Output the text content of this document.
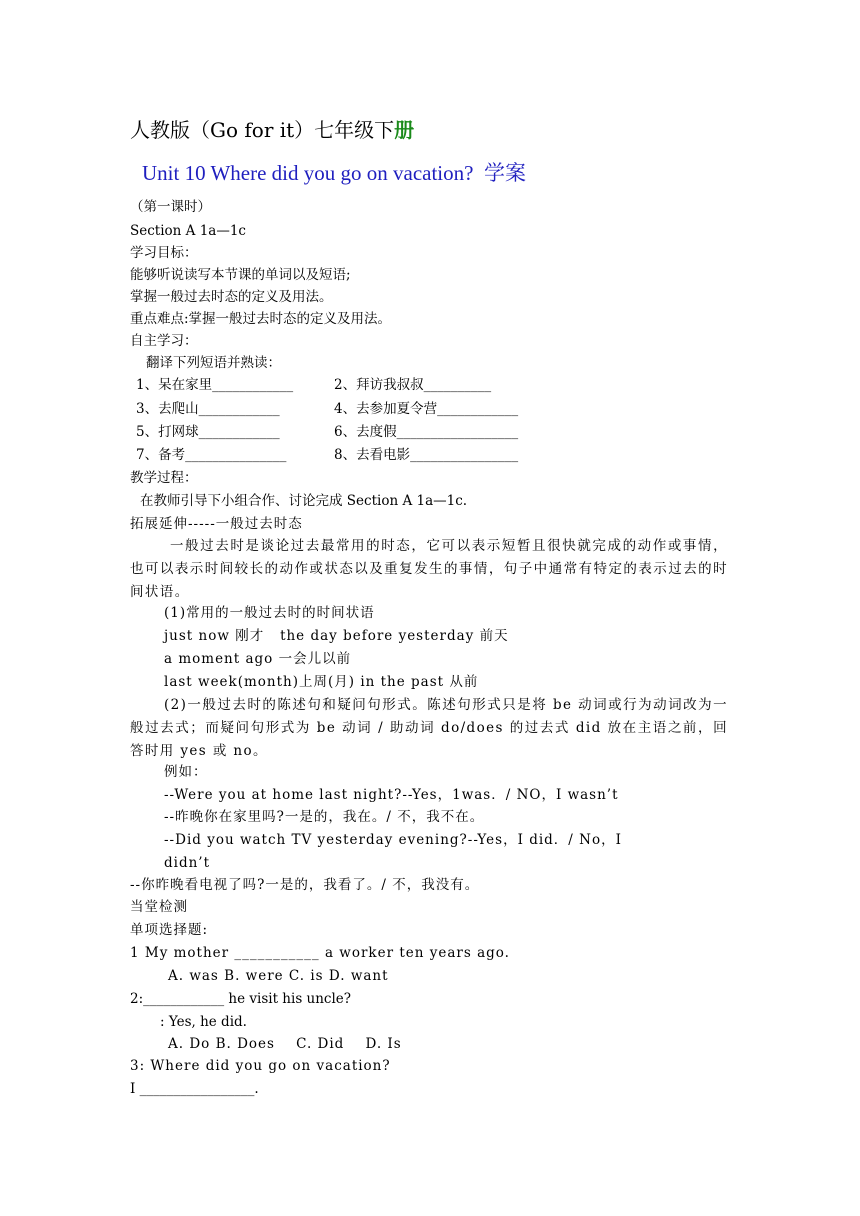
人教版（Go for it）七年级下册
Unit 10 Where did you go on vacation?  学案
（第一课时）
Section A 1a—1c
学习目标：
能够听说读写本节课的单词以及短语;
掌握一般过去时态的定义及用法。
重点难点:掌握一般过去时态的定义及用法。
自主学习：
翻译下列短语并熟读：
1、呆在家里____________	2、拜访我叔叔__________
3、去爬山____________	4、去参加夏令营____________
5、打网球____________	6、去度假__________________
7、备考_______________	8、去看电影________________
教学过程：
在教师引导下小组合作、讨论完成 Section A 1a—1c.
拓展延伸-----一般过去时态
一般过去时是谈论过去最常用的时态，它可以表示短暂且很快就完成的动作或事情，也可以表示时间较长的动作或状态以及重复发生的事情，句子中通常有特定的表示过去的时间状语。
(1)常用的一般过去时的时间状语
just now 刚才   the day before yesterday 前天
a moment ago 一会儿以前
last week(month)上周(月) in the past 从前
(2)一般过去时的陈述句和疑问句形式。陈述句形式只是将 be 动词或行为动词改为一般过去式；而疑问句形式为 be 动词 / 助动词 do/does 的过去式 did 放在主语之前，回答时用 yes 或 no。
例如：
--Were you at home last night?--Yes，1was．/ NO，I wasn’t
--昨晚你在家里吗?一是的，我在。/ 不，我不在。
--Did you watch TV yesterday evening?--Yes，I did．/ No，I
didn’t
--你昨晚看电视了吗?一是的，我看了。/ 不，我没有。
当堂检测
单项选择题:
1 My mother ___________ a worker ten years ago.
A. was B. were C. is D. want
2:____________ he visit his uncle?
: Yes, he did.
A. Do B. Does    C. Did    D. Is
3: Where did you go on vacation?
I _________________.
